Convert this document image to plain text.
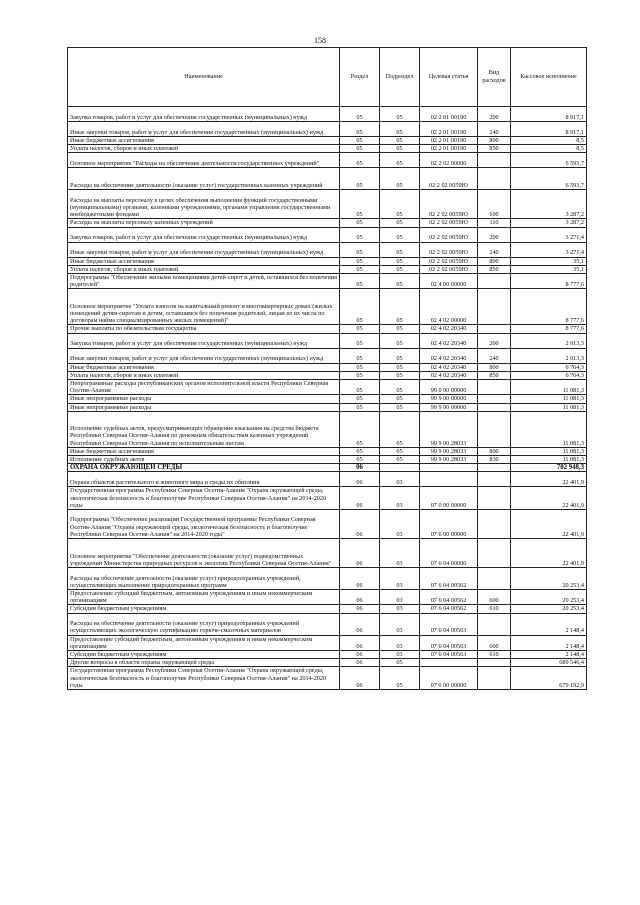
158
Наименование	Раздел	Подраздел	Целевая статья	Вид расходов	Кассовое исполнение
Закупка товаров, работ и услуг для обеспечения государственных (муниципальных) нужд	05	05	02 2 01 00190	200	8 917,1
Иные закупки товаров, работ и услуг для обеспечения государственных (муниципальных) нужд	05	05	02 2 01 00190	240	8 917,1
Иные бюджетные ассигнования	05	05	02 2 01 00190	800	8,5
Уплата налогов, сборов и иных платежей	05	05	02 2 01 00190	850	8,5
Основное мероприятие "Расходы на обеспечение деятельности государственных учреждений"	05	05	02 2 02 00000		6 593,7
Расходы на обеспечение деятельности (оказание услуг) государственных казенных учреждений	05	05	02 2 02 0059Ю		6 593,7
Расходы на выплаты персоналу в целях обеспечения выполнения функций государственными (муниципальными) органами, казенными учреждениями, органами управления государственными внебюджетными фондами	05	05	02 2 02 0059Ю	100	3 287,2
Расходы на выплаты персоналу казенных учреждений	05	05	02 2 02 0059Ю	110	3 287,2
Закупка товаров, работ и услуг для обеспечения государственных (муниципальных) нужд	05	05	02 2 02 0059Ю	200	3 271,4
Иные закупки товаров, работ и услуг для обеспечения государственных (муниципальных) нужд	05	05	02 2 02 0059Ю	240	3 271,4
Иные бюджетные ассигнования	05	05	02 2 02 0059Ю	800	35,1
Уплата налогов, сборов и иных платежей	05	05	02 2 02 0059Ю	850	35,1
Подпрограмма "Обеспечение жилыми помещениями детей-сирот и детей, оставшихся без попечения родителей"	05	05	02 4 00 00000		8 777,6
Основное мероприятие "Уплата взносов на капитальный ремонт в многоквартирных домах (жилых помещений детям-сиротам и детям, оставшимся без попечения родителей, лицам из их числа по договорам найма специализированных жилых помещений)"	05	05	02 4 02 00000		8 777,6
Прочие выплаты по обязательствам государства	05	05	02 4 02 20340		8 777,6
Закупка товаров, работ и услуг для обеспечения государственных (муниципальных) нужд	05	05	02 4 02 20340	200	2 013,3
Иные закупки товаров, работ и услуг для обеспечения государственных (муниципальных) нужд	05	05	02 4 02 20340	240	2 013,3
Иные бюджетные ассигнования	05	05	02 4 02 20340	800	6 764,3
Уплата налогов, сборов и иных платежей	05	05	02 4 02 20340	850	6 764,3
Непрограммные расходы республиканских органов исполнительной власти Республики Северная Осетия-Алания	05	05	99 0 00 00000		11 081,3
Иные непрограммные расходы	05	05	99 9 00 00000		11 081,3
Иные непрограммные расходы	05	05	99 9 00 00000		11 081,3
Исполнение судебных актов, предусматривающих обращение взыскания на средства бюджета Республики Северная Осетия-Алания по денежным обязательствам казенных учреждений Республики Северная Осетия-Алания по исполнительным листам	05	05	99 9 00 28033		11 081,3
Иные бюджетные ассигнования	05	05	99 9 00 28033	800	11 081,3
Исполнение судебных актов	05	05	99 9 00 28033	830	11 081,3
ОХРАНА ОКРУЖАЮЩЕЙ СРЕДЫ	06				702 948,3
Охрана объектов растительного и животного мира и среды их обитания	06	03			22 401,9
Государственная программа Республики Северная Осетия-Алания "Охрана окружающей среды, экологическая безопасность и благополучие Республики Северная Осетия-Алания" на 2014-2020 годы	06	03	07 0 00 00000		22 401,9
Подпрограмма "Обеспечение реализации Государственной программы Республики Северная Осетия-Алания "Охрана окружающей среды, экологическая безопасность и благополучие Республики Северная Осетия-Алания" на 2014-2020 годы"	06	03	07 6 00 00000		22 401,9
Основное мероприятие "Обеспечение деятельности (оказание услуг) подведомственных учреждений Министерства природных ресурсов и экологии Республики Северная Осетия-Алания"	06	03	07 6 04 00000		22 401,9
Расходы на обеспечение деятельности (оказание услуг) природоохранных учреждений, осуществляющих выполнение природоохранных программ	06	03	07 6 04 00562		20 253,4
Предоставление субсидий бюджетным, автономным учреждениям и иным некоммерческим организациям	06	03	07 6 04 00562	600	20 253,4
Субсидии бюджетным учреждениям	06	03	07 6 04 00562	610	20 253,4
Расходы на обеспечение деятельности (оказание услуг) природоохранных учреждений осуществляющих экологическую сертификацию горюче-смазочных материалов	06	03	07 6 04 00563		2 148,4
Предоставление субсидий бюджетным, автономным учреждениям и иным некоммерческим организациям	06	03	07 6 04 00563	600	2 148,4
Субсидии бюджетным учреждениям	06	03	07 6 04 00563	610	2 148,4
Другие вопросы в области охраны окружающей среды	06	05			689 546,4
Государственная программа Республики Северная Осетия-Алания "Охрана окружающей среды, экологическая безопасность и благополучие Республики Северная Осетия-Алания" на 2014-2020 годы	06	05	07 0 00 00000		679 192,9
